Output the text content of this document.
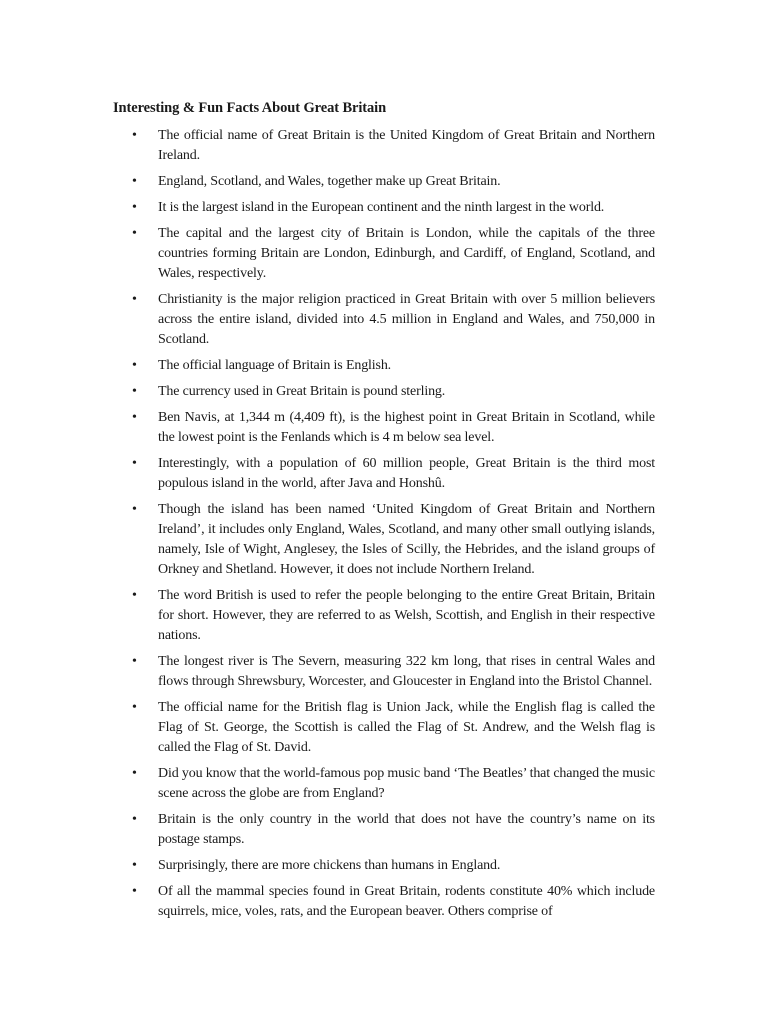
Interesting & Fun Facts About Great Britain
• The official name of Great Britain is the United Kingdom of Great Britain and Northern Ireland.
• England, Scotland, and Wales, together make up Great Britain.
• It is the largest island in the European continent and the ninth largest in the world.
• The capital and the largest city of Britain is London, while the capitals of the three countries forming Britain are London, Edinburgh, and Cardiff, of England, Scotland, and Wales, respectively.
• Christianity is the major religion practiced in Great Britain with over 5 million believers across the entire island, divided into 4.5 million in England and Wales, and 750,000 in Scotland.
• The official language of Britain is English.
• The currency used in Great Britain is pound sterling.
• Ben Navis, at 1,344 m (4,409 ft), is the highest point in Great Britain in Scotland, while the lowest point is the Fenlands which is 4 m below sea level.
• Interestingly, with a population of 60 million people, Great Britain is the third most populous island in the world, after Java and Honshû.
• Though the island has been named ‘United Kingdom of Great Britain and Northern Ireland’, it includes only England, Wales, Scotland, and many other small outlying islands, namely, Isle of Wight, Anglesey, the Isles of Scilly, the Hebrides, and the island groups of Orkney and Shetland. However, it does not include Northern Ireland.
• The word British is used to refer the people belonging to the entire Great Britain, Britain for short. However, they are referred to as Welsh, Scottish, and English in their respective nations.
• The longest river is The Severn, measuring 322 km long, that rises in central Wales and flows through Shrewsbury, Worcester, and Gloucester in England into the Bristol Channel.
• The official name for the British flag is Union Jack, while the English flag is called the Flag of St. George, the Scottish is called the Flag of St. Andrew, and the Welsh flag is called the Flag of St. David.
• Did you know that the world-famous pop music band ‘The Beatles’ that changed the music scene across the globe are from England?
• Britain is the only country in the world that does not have the country’s name on its postage stamps.
• Surprisingly, there are more chickens than humans in England.
• Of all the mammal species found in Great Britain, rodents constitute 40% which include squirrels, mice, voles, rats, and the European beaver. Others comprise of
